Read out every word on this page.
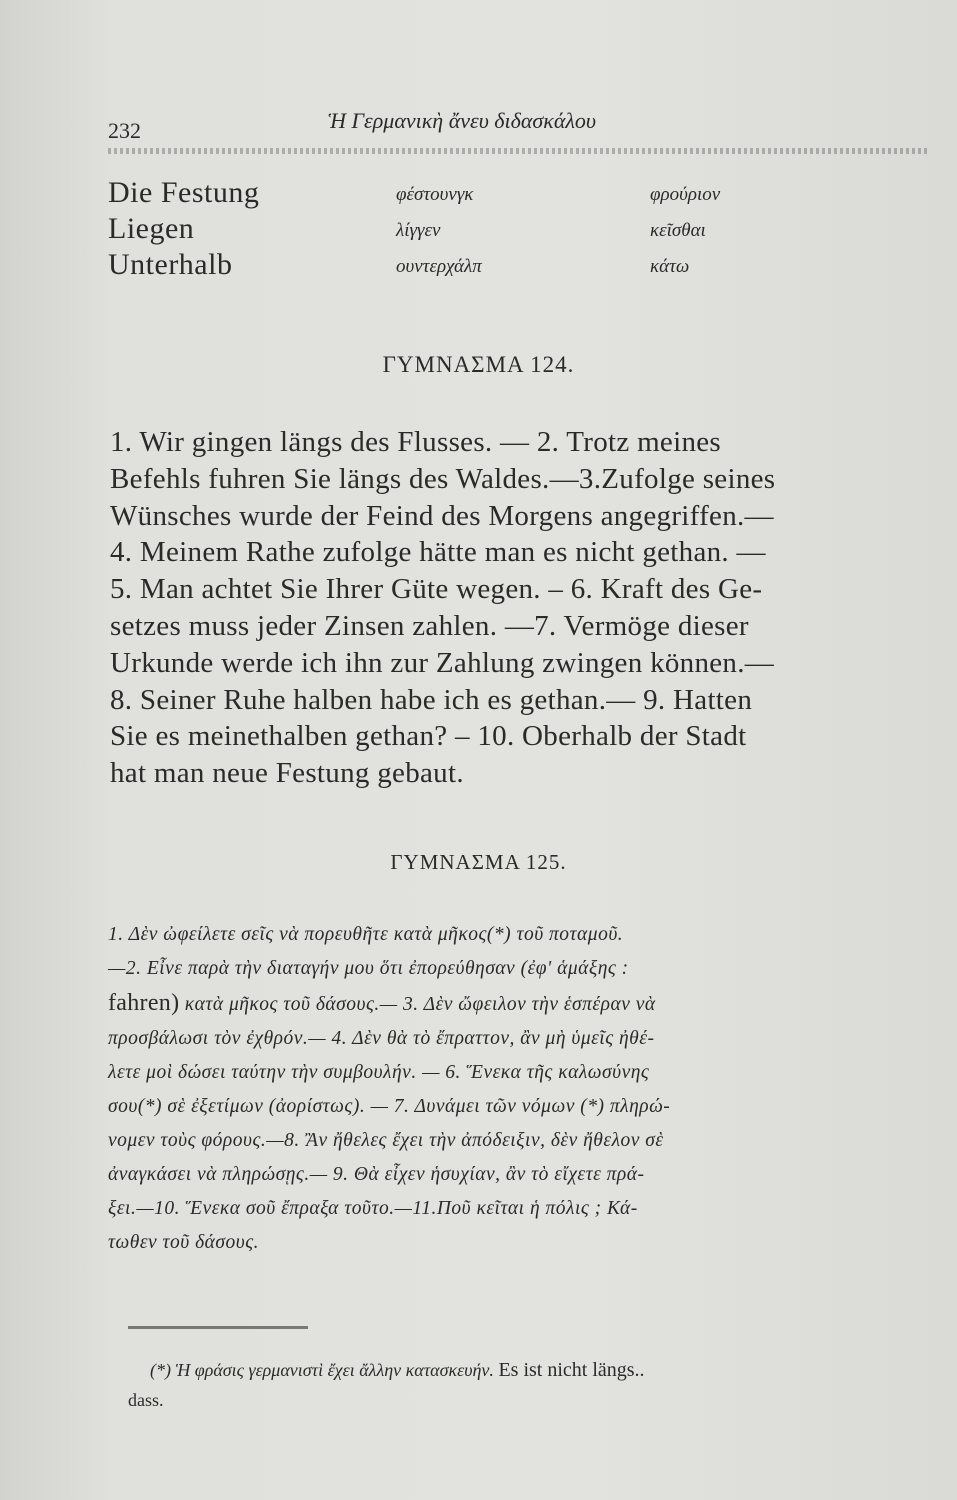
232	Ἡ Γερμανικὴ ἄνευ διδασκάλου
Die Festung	φέστουνγκ	φρούριον
Liegen	λίγγεν	κεῖσθαι
Unterhalb	ουντερχάλπ	κάτω
ΓΥΜΝΑΣΜΑ 124.
1. Wir gingen längs des Flusses. — 2. Trotz meines
Befehls fuhren Sie längs des Waldes.—3.Zufolge seines
Wünsches wurde der Feind des Morgens angegriffen.—
4. Meinem Rathe zufolge hätte man es nicht gethan. —
5. Man achtet Sie Ihrer Güte wegen. – 6. Kraft des Ge-
setzes muss jeder Zinsen zahlen. —7. Vermöge dieser
Urkunde werde ich ihn zur Zahlung zwingen können.—
8. Seiner Ruhe halben habe ich es gethan.— 9. Hatten
Sie es meinethalben gethan? – 10. Oberhalb der Stadt
hat man neue Festung gebaut.
ΓΥΜΝΑΣΜΑ 125.
1. Δὲν ὠφείλετε σεῖς νὰ πορευθῆτε κατὰ μῆκος(*) τοῦ ποταμοῦ.
—2. Εἶνε παρὰ τὴν διαταγήν μου ὅτι ἐπορεύθησαν (ἐφ' ἁμάξης :
fahren) κατὰ μῆκος τοῦ δάσους.— 3. Δὲν ὤφειλον τὴν ἑσπέραν νὰ
προσβάλωσι τὸν ἐχθρόν.— 4. Δὲν θὰ τὸ ἔπραττον, ἂν μὴ ὑμεῖς ἠθέ-
λετε μοὶ δώσει ταύτην τὴν συμβουλήν. — 6. Ἕνεκα τῆς καλωσύνης
σου(*) σὲ ἐξετίμων (ἀορίστως). — 7. Δυνάμει τῶν νόμων (*) πληρώ-
νομεν τοὺς φόρους.—8. Ἂν ἤθελες ἔχει τὴν ἀπόδειξιν, δὲν ἤθελον σὲ
ἀναγκάσει νὰ πληρώσῃς.— 9. Θὰ εἶχεν ἡσυχίαν, ἂν τὸ εἴχετε πρά-
ξει.—10. Ἕνεκα σοῦ ἔπραξα τοῦτο.—11.Ποῦ κεῖται ἡ πόλις ; Κά-
τωθεν τοῦ δάσους.
(*) Ἡ φράσις γερμανιστὶ ἔχει ἄλλην κατασκευήν. Es ist nicht längs..
dass.
